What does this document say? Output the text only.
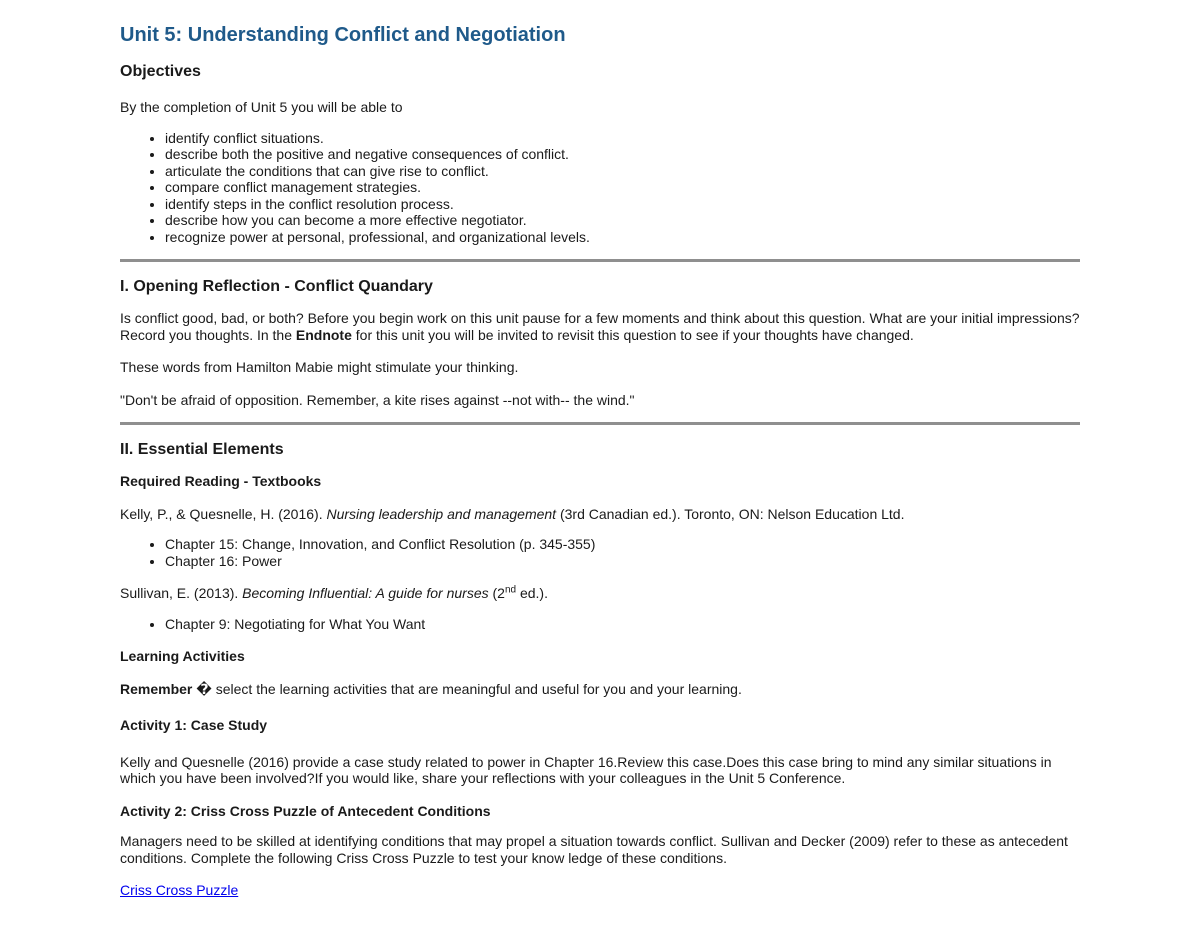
Unit 5: Understanding Conflict and Negotiation
Objectives

By the completion of Unit 5 you will be able to

• identify conflict situations.
• describe both the positive and negative consequences of conflict.
• articulate the conditions that can give rise to conflict.
• compare conflict management strategies.
• identify steps in the conflict resolution process.
• describe how you can become a more effective negotiator.
• recognize power at personal, professional, and organizational levels.
I. Opening Reflection - Conflict Quandary

Is conflict good, bad, or both? Before you begin work on this unit pause for a few moments and think about this question. What are your initial impressions? Record you thoughts. In the Endnote for this unit you will be invited to revisit this question to see if your thoughts have changed.

These words from Hamilton Mabie might stimulate your thinking.

"Don't be afraid of opposition. Remember, a kite rises against --not with-- the wind."

II. Essential Elements

Required Reading - Textbooks

Kelly, P., & Quesnelle, H. (2016). Nursing leadership and management (3rd Canadian ed.). Toronto, ON: Nelson Education Ltd.

• Chapter 15: Change, Innovation, and Conflict Resolution (p. 345-355)
• Chapter 16: Power

Sullivan, E. (2013). Becoming Influential: A guide for nurses (2nd ed.).

• Chapter 9: Negotiating for What You Want

Learning Activities

Remember � select the learning activities that are meaningful and useful for you and your learning.

Activity 1: Case Study

Kelly and Quesnelle (2016) provide a case study related to power in Chapter 16.Review this case.Does this case bring to mind any similar situations in which you have been involved?If you would like, share your reflections with your colleagues in the Unit 5 Conference.

Activity 2: Criss Cross Puzzle of Antecedent Conditions

Managers need to be skilled at identifying conditions that may propel a situation towards conflict. Sullivan and Decker (2009) refer to these as antecedent conditions. Complete the following Criss Cross Puzzle to test your know ledge of these conditions.

Criss Cross Puzzle
